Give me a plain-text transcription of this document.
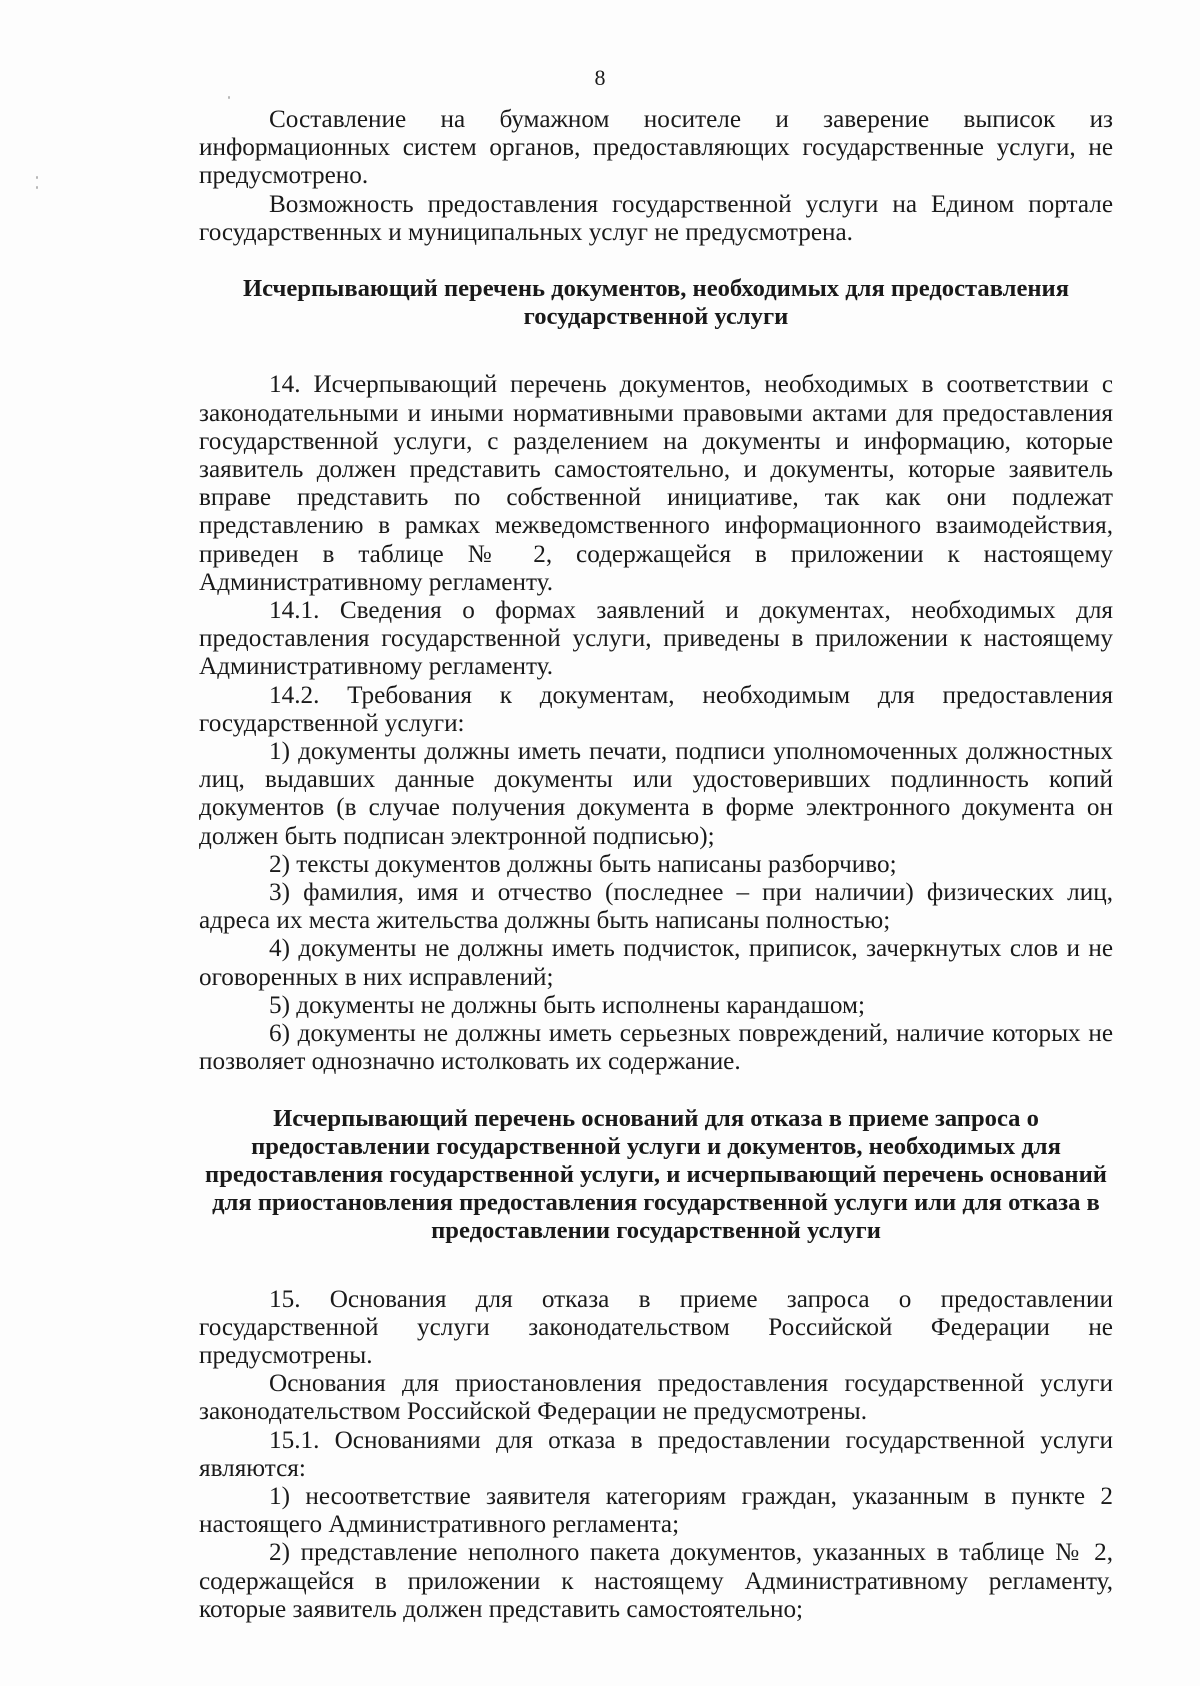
8

Составление на бумажном носителе и заверение выписок из информационных систем органов, предоставляющих государственные услуги, не предусмотрено.

Возможность предоставления государственной услуги на Едином портале государственных и муниципальных услуг не предусмотрена.

Исчерпывающий перечень документов, необходимых для предоставления государственной услуги

14. Исчерпывающий перечень документов, необходимых в соответствии с законодательными и иными нормативными правовыми актами для предоставления государственной услуги, с разделением на документы и информацию, которые заявитель должен представить самостоятельно, и документы, которые заявитель вправе представить по собственной инициативе, так как они подлежат представлению в рамках межведомственного информационного взаимодействия, приведен в таблице № 2, содержащейся в приложении к настоящему Административному регламенту.

14.1. Сведения о формах заявлений и документах, необходимых для предоставления государственной услуги, приведены в приложении к настоящему Административному регламенту.

14.2. Требования к документам, необходимым для предоставления государственной услуги:

1) документы должны иметь печати, подписи уполномоченных должностных лиц, выдавших данные документы или удостоверивших подлинность копий документов (в случае получения документа в форме электронного документа он должен быть подписан электронной подписью);

2) тексты документов должны быть написаны разборчиво;

3) фамилия, имя и отчество (последнее – при наличии) физических лиц, адреса их места жительства должны быть написаны полностью;

4) документы не должны иметь подчисток, приписок, зачеркнутых слов и не оговоренных в них исправлений;

5) документы не должны быть исполнены карандашом;

6) документы не должны иметь серьезных повреждений, наличие которых не позволяет однозначно истолковать их содержание.

Исчерпывающий перечень оснований для отказа в приеме запроса о предоставлении государственной услуги и документов, необходимых для предоставления государственной услуги, и исчерпывающий перечень оснований для приостановления предоставления государственной услуги или для отказа в предоставлении государственной услуги

15. Основания для отказа в приеме запроса о предоставлении государственной услуги законодательством Российской Федерации не предусмотрены.

Основания для приостановления предоставления государственной услуги законодательством Российской Федерации не предусмотрены.

15.1. Основаниями для отказа в предоставлении государственной услуги являются:

1) несоответствие заявителя категориям граждан, указанным в пункте 2 настоящего Административного регламента;

2) представление неполного пакета документов, указанных в таблице № 2, содержащейся в приложении к настоящему Административному регламенту, которые заявитель должен представить самостоятельно;
